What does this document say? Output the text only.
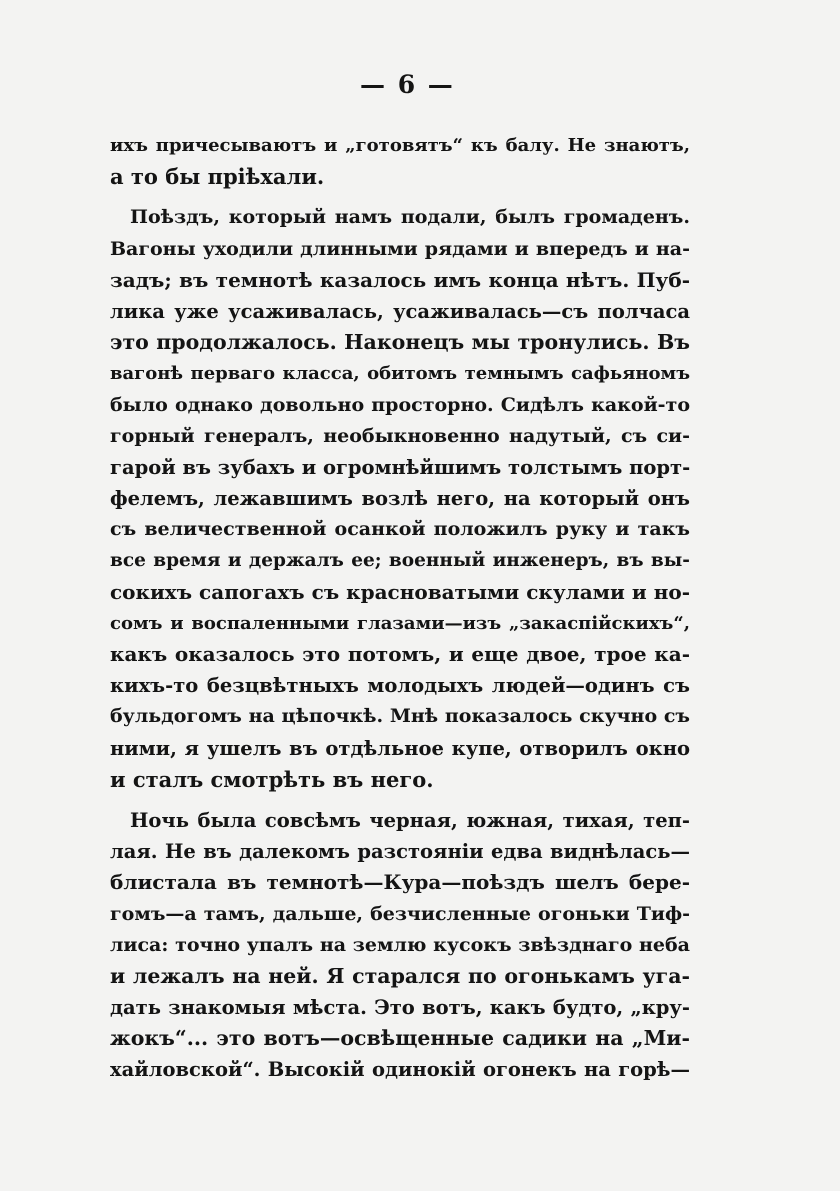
— 6 —
ихъ причесываютъ и „готовятъ“ къ балу. Не знаютъ,
а то бы пріѣхали.
Поѣздъ, который намъ подали, былъ громаденъ.
Вагоны уходили длинными рядами и впередъ и на-
задъ; въ темнотѣ казалось имъ конца нѣтъ. Пуб-
лика уже усаживалась, усаживалась—съ полчаса
это продолжалось. Наконецъ мы тронулись. Въ
вагонѣ перваго класса, обитомъ темнымъ сафьяномъ
было однако довольно просторно. Сидѣлъ какой-то
горный генералъ, необыкновенно надутый, съ си-
гарой въ зубахъ и огромнѣйшимъ толстымъ порт-
фелемъ, лежавшимъ возлѣ него, на который онъ
съ величественной осанкой положилъ руку и такъ
все время и держалъ ее; военный инженеръ, въ вы-
сокихъ сапогахъ съ красноватыми скулами и но-
сомъ и воспаленными глазами—изъ „закаспійскихъ“,
какъ оказалось это потомъ, и еще двое, трое ка-
кихъ-то безцвѣтныхъ молодыхъ людей—одинъ съ
бульдогомъ на цѣпочкѣ. Мнѣ показалось скучно съ
ними, я ушелъ въ отдѣльное купе, отворилъ окно
и сталъ смотрѣть въ него.
Ночь была совсѣмъ черная, южная, тихая, теп-
лая. Не въ далекомъ разстояніи едва виднѣлась—
блистала въ темнотѣ—Кура—поѣздъ шелъ бере-
гомъ—а тамъ, дальше, безчисленные огоньки Тиф-
лиса: точно упалъ на землю кусокъ звѣзднаго неба
и лежалъ на ней. Я старался по огонькамъ уга-
дать знакомыя мѣста. Это вотъ, какъ будто, „кру-
жокъ“... это вотъ—освѣщенные садики на „Ми-
хайловской“. Высокій одинокій огонекъ на горѣ—
